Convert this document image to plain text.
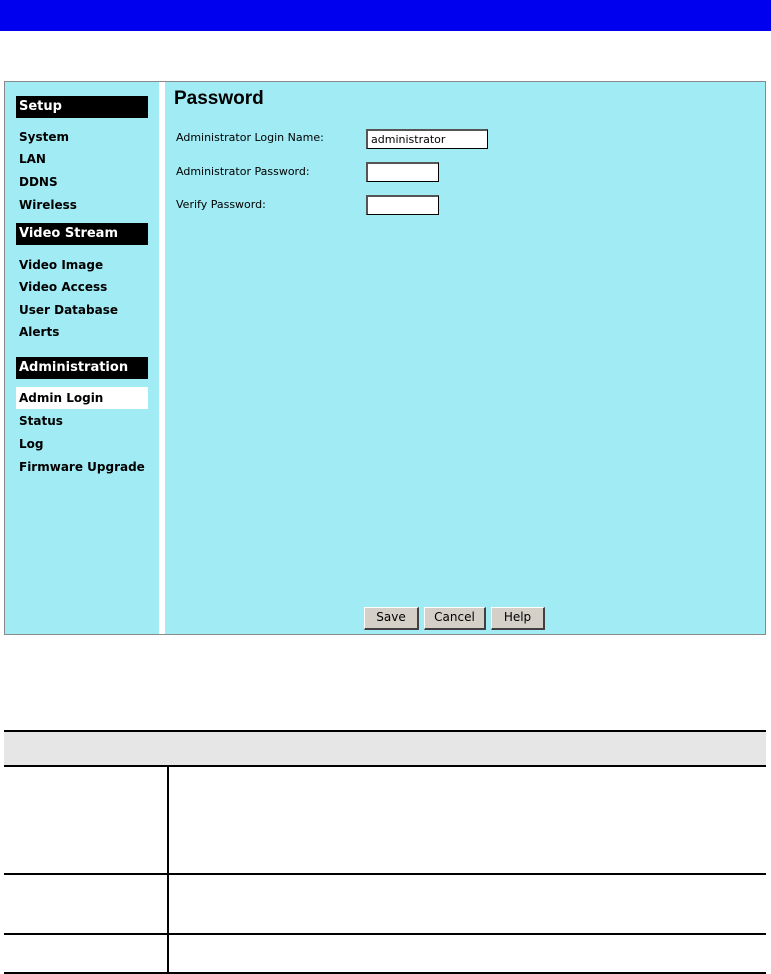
Setup
System
LAN
DDNS
Wireless
Video Stream
Video Image
Video Access
User Database
Alerts
Administration
Admin Login
Status
Log
Firmware Upgrade
Password
Administrator Login Name:
administrator
Administrator Password:
Verify Password:
Save	Cancel	Help
